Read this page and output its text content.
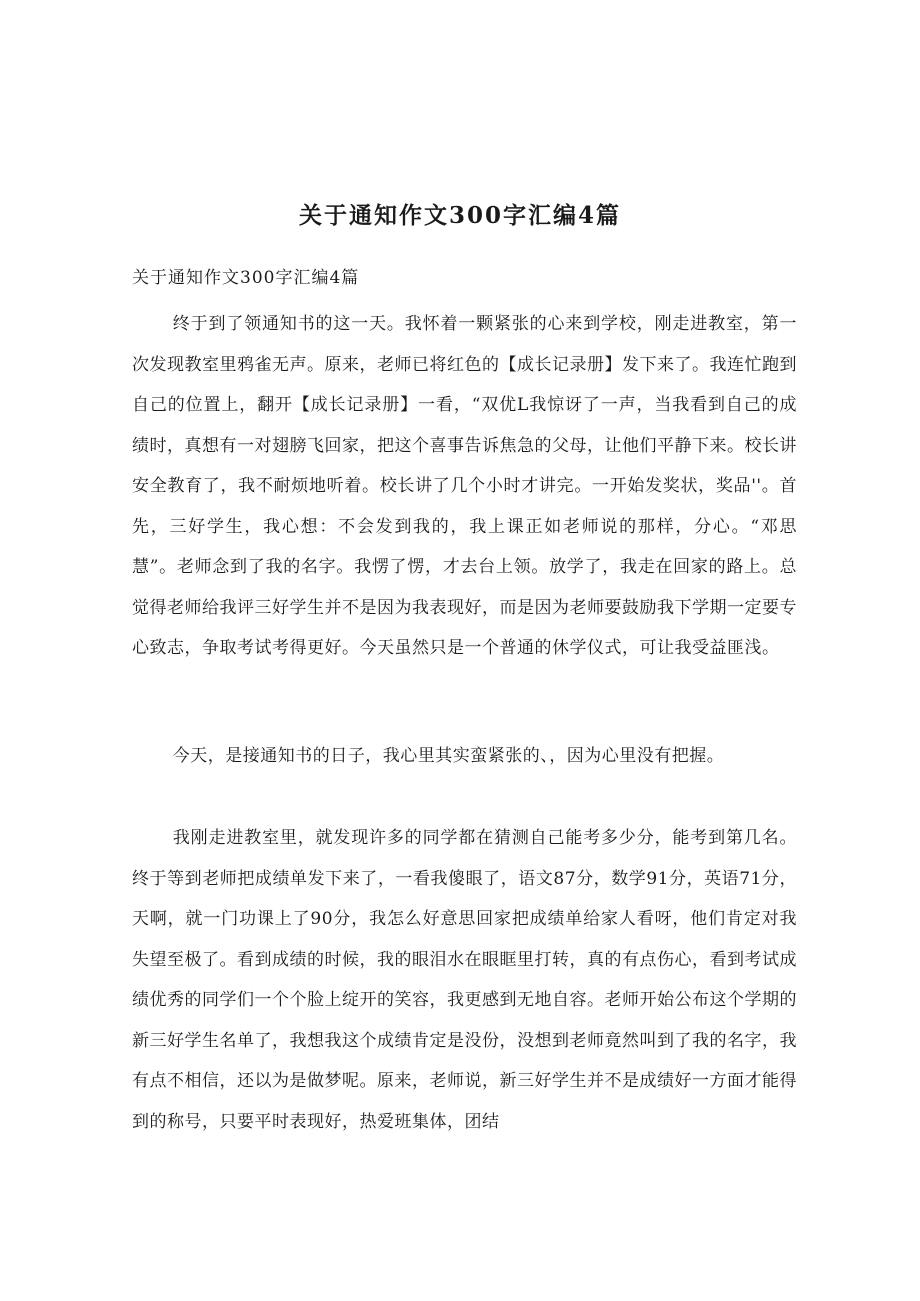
关于通知作文300字汇编4篇

关于通知作文300字汇编4篇

终于到了领通知书的这一天。我怀着一颗紧张的心来到学校，刚走进教室，第一次发现教室里鸦雀无声。原来，老师已将红色的【成长记录册】发下来了。我连忙跑到自己的位置上，翻开【成长记录册】一看，“双优L我惊讶了一声，当我看到自己的成绩时，真想有一对翅膀飞回家，把这个喜事告诉焦急的父母，让他们平静下来。校长讲安全教育了，我不耐烦地听着。校长讲了几个小时才讲完。一开始发奖状，奖品''。首先，三好学生，我心想：不会发到我的，我上课正如老师说的那样，分心。“邓思慧”。老师念到了我的名字。我愣了愣，才去台上领。放学了，我走在回家的路上。总觉得老师给我评三好学生并不是因为我表现好，而是因为老师要鼓励我下学期一定要专心致志，争取考试考得更好。今天虽然只是一个普通的休学仪式，可让我受益匪浅。

今天，是接通知书的日子，我心里其实蛮紧张的、，因为心里没有把握。

我刚走进教室里，就发现许多的同学都在猜测自己能考多少分，能考到第几名。终于等到老师把成绩单发下来了，一看我傻眼了，语文87分，数学91分，英语71分，天啊，就一门功课上了90分，我怎么好意思回家把成绩单给家人看呀，他们肯定对我失望至极了。看到成绩的时候，我的眼泪水在眼眶里打转，真的有点伤心，看到考试成绩优秀的同学们一个个脸上绽开的笑容，我更感到无地自容。老师开始公布这个学期的新三好学生名单了，我想我这个成绩肯定是没份，没想到老师竟然叫到了我的名字，我有点不相信，还以为是做梦呢。原来，老师说，新三好学生并不是成绩好一方面才能得到的称号，只要平时表现好，热爱班集体，团结
